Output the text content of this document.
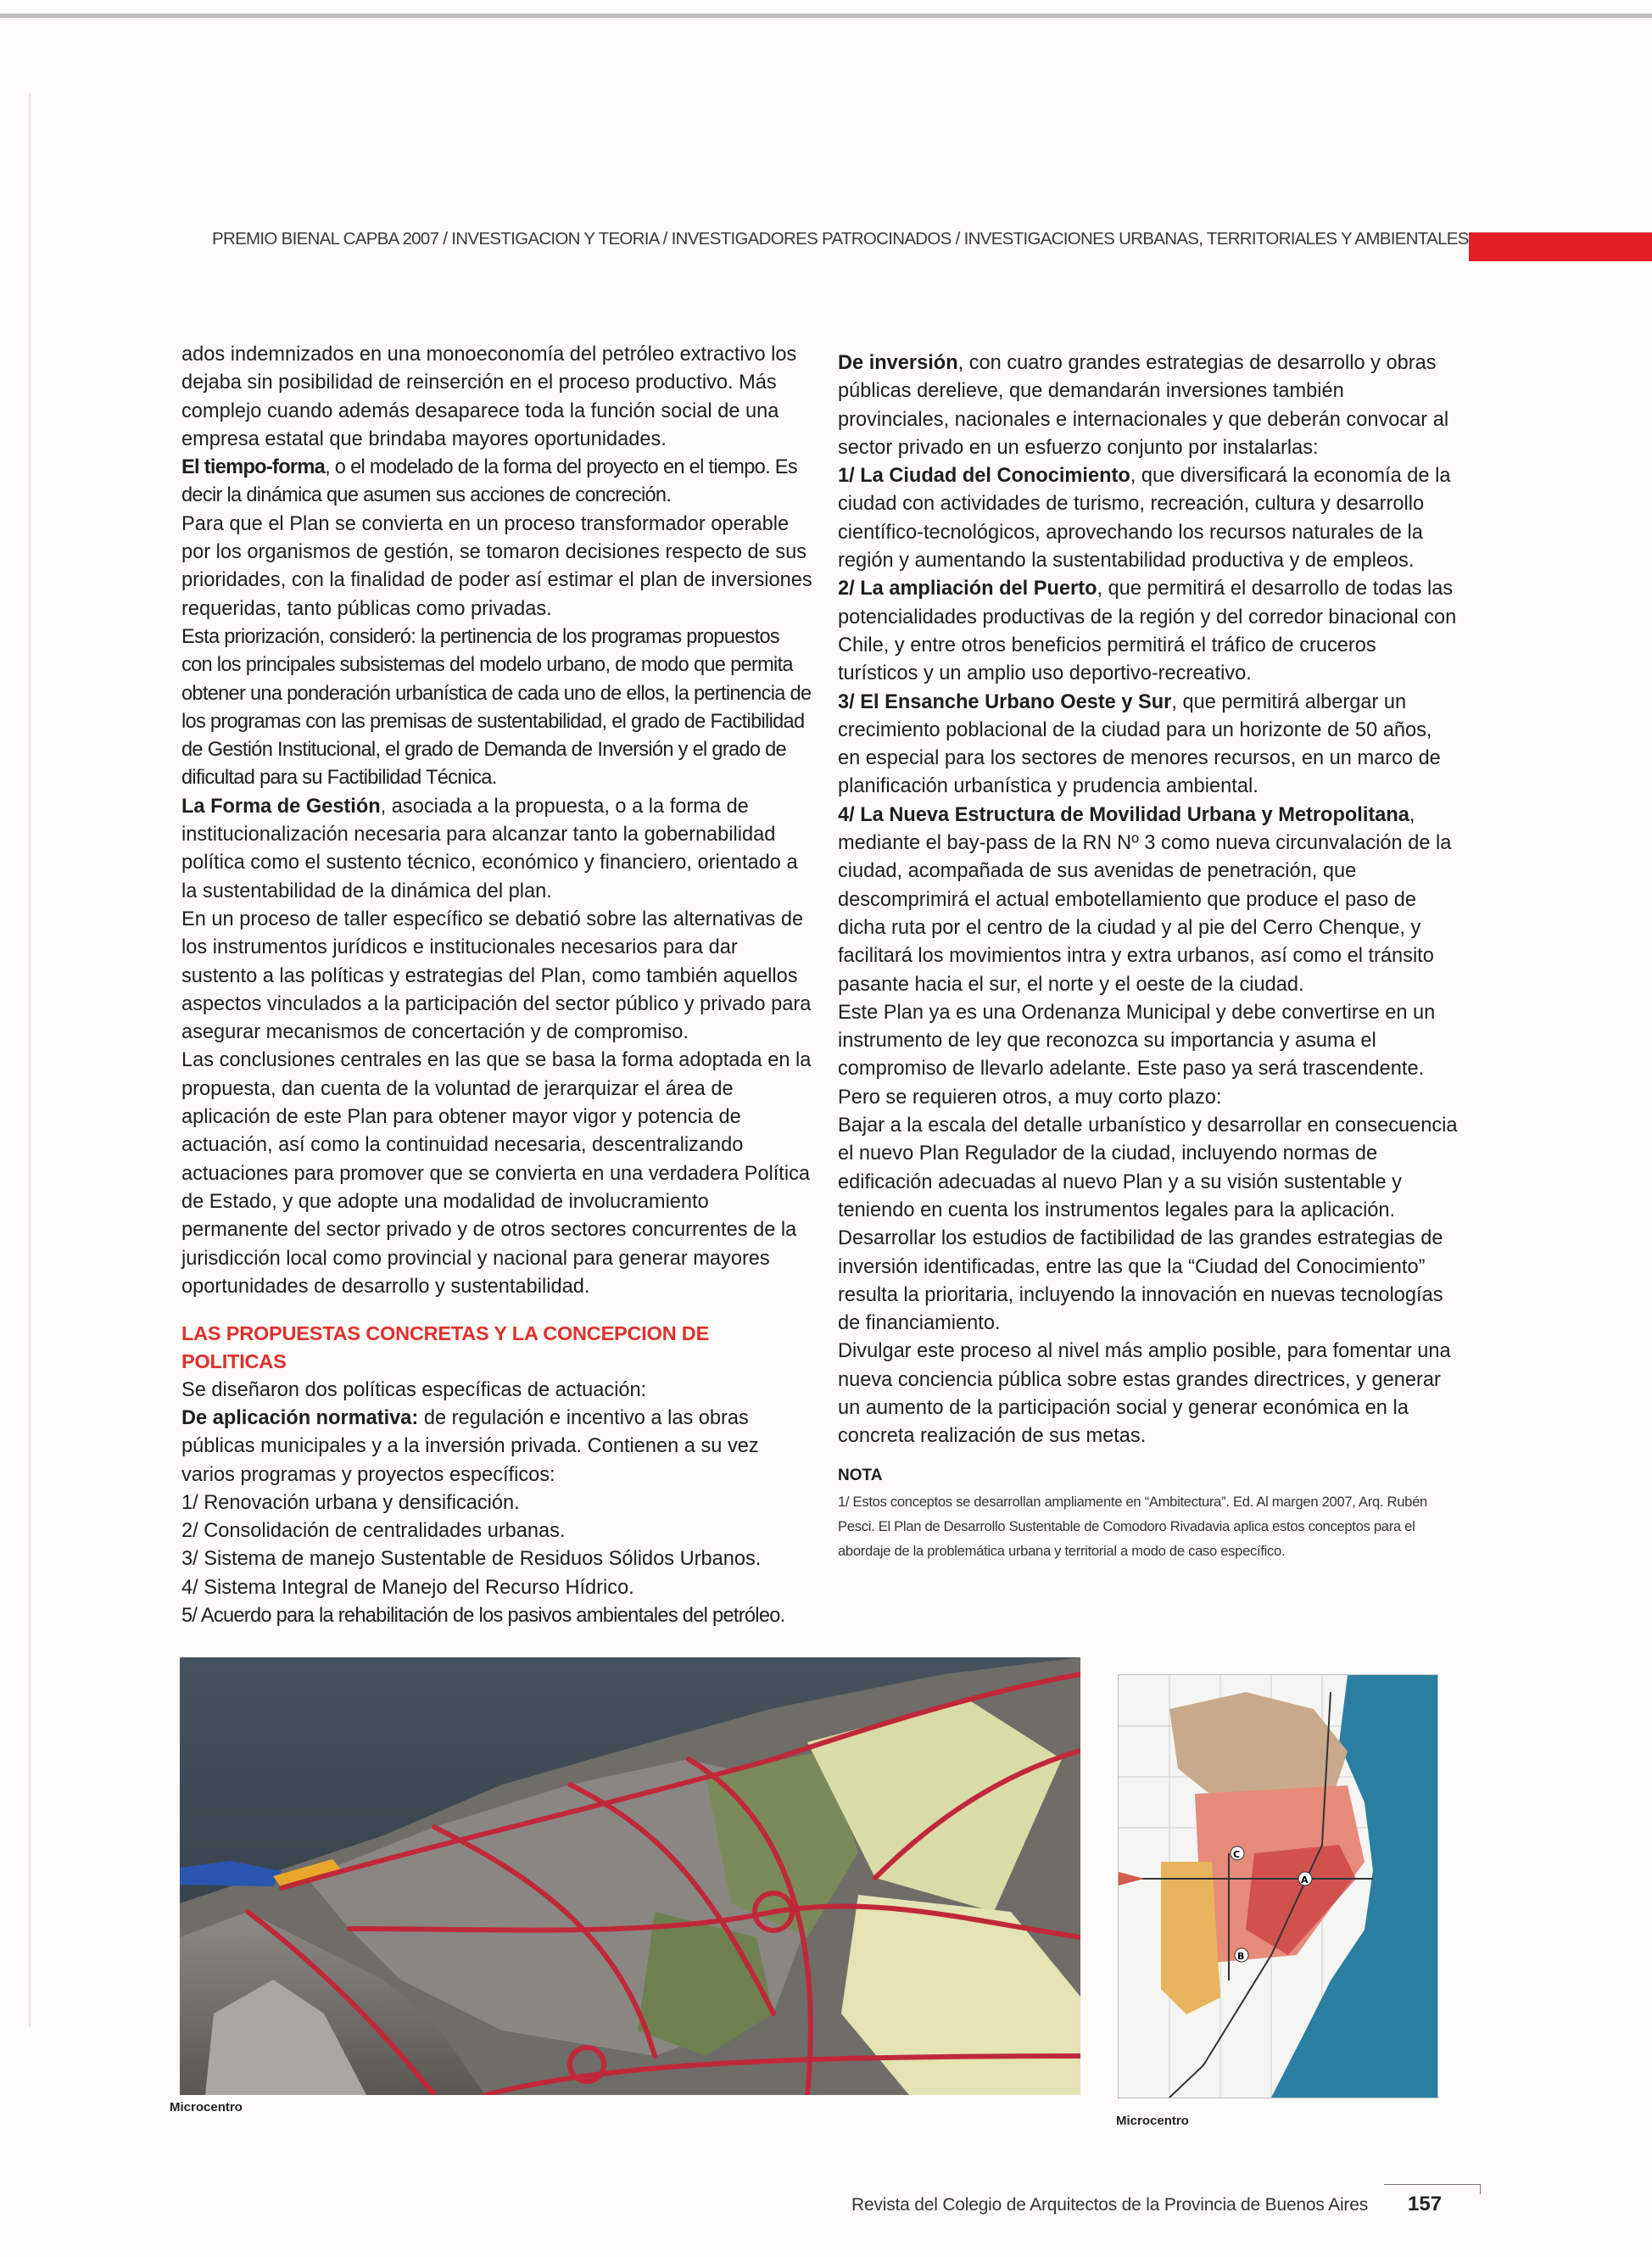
PREMIO BIENAL CAPBA 2007 / INVESTIGACION Y TEORIA / INVESTIGADORES PATROCINADOS / INVESTIGACIONES URBANAS, TERRITORIALES Y AMBIENTALES

ados indemnizados en una monoeconomía del petróleo extractivo los dejaba sin posibilidad de reinserción en el proceso productivo. Más complejo cuando además desaparece toda la función social de una empresa estatal que brindaba mayores oportunidades.

El tiempo-forma, o el modelado de la forma del proyecto en el tiempo. Es decir la dinámica que asumen sus acciones de concreción.

Para que el Plan se convierta en un proceso transformador operable por los organismos de gestión, se tomaron decisiones respecto de sus prioridades, con la finalidad de poder así estimar el plan de inversiones requeridas, tanto públicas como privadas.

Esta priorización, consideró: la pertinencia de los programas propuestos con los principales subsistemas del modelo urbano, de modo que permita obtener una ponderación urbanística de cada uno de ellos, la pertinencia de los programas con las premisas de sustentabilidad, el grado de Factibilidad de Gestión Institucional, el grado de Demanda de Inversión y el grado de dificultad para su Factibilidad Técnica.

La Forma de Gestión, asociada a la propuesta, o a la forma de institucionalización necesaria para alcanzar tanto la gobernabilidad política como el sustento técnico, económico y financiero, orientado a la sustentabilidad de la dinámica del plan.

En un proceso de taller específico se debatió sobre las alternativas de los instrumentos jurídicos e institucionales necesarios para dar sustento a las políticas y estrategias del Plan, como también aquellos aspectos vinculados a la participación del sector público y privado para asegurar mecanismos de concertación y de compromiso.

Las conclusiones centrales en las que se basa la forma adoptada en la propuesta, dan cuenta de la voluntad de jerarquizar el área de aplicación de este Plan para obtener mayor vigor y potencia de actuación, así como la continuidad necesaria, descentralizando actuaciones para promover que se convierta en una verdadera Política de Estado, y que adopte una modalidad de involucramiento permanente del sector privado y de otros sectores concurrentes de la jurisdicción local como provincial y nacional para generar mayores oportunidades de desarrollo y sustentabilidad.

LAS PROPUESTAS CONCRETAS Y LA CONCEPCION DE POLITICAS

Se diseñaron dos políticas específicas de actuación:

De aplicación normativa: de regulación e incentivo a las obras públicas municipales y a la inversión privada. Contienen a su vez varios programas y proyectos específicos:

1/ Renovación urbana y densificación.

2/ Consolidación de centralidades urbanas.

3/ Sistema de manejo Sustentable de Residuos Sólidos Urbanos.

4/ Sistema Integral de Manejo del Recurso Hídrico.

5/ Acuerdo para la rehabilitación de los pasivos ambientales del petróleo.

De inversión, con cuatro grandes estrategias de desarrollo y obras públicas derelieve, que demandarán inversiones también provinciales, nacionales e internacionales y que deberán convocar al sector privado en un esfuerzo conjunto por instalarlas:

1/ La Ciudad del Conocimiento, que diversificará la economía de la ciudad con actividades de turismo, recreación, cultura y desarrollo científico-tecnológicos, aprovechando los recursos naturales de la región y aumentando la sustentabilidad productiva y de empleos.

2/ La ampliación del Puerto, que permitirá el desarrollo de todas las potencialidades productivas de la región y del corredor binacional con Chile, y entre otros beneficios permitirá el tráfico de cruceros turísticos y un amplio uso deportivo-recreativo.

3/ El Ensanche Urbano Oeste y Sur, que permitirá albergar un crecimiento poblacional de la ciudad para un horizonte de 50 años, en especial para los sectores de menores recursos, en un marco de planificación urbanística y prudencia ambiental.

4/ La Nueva Estructura de Movilidad Urbana y Metropolitana, mediante el bay-pass de la RN Nº 3 como nueva circunvalación de la ciudad, acompañada de sus avenidas de penetración, que descomprimirá el actual embotellamiento que produce el paso de dicha ruta por el centro de la ciudad y al pie del Cerro Chenque, y facilitará los movimientos intra y extra urbanos, así como el tránsito pasante hacia el sur, el norte y el oeste de la ciudad.

Este Plan ya es una Ordenanza Municipal y debe convertirse en un instrumento de ley que reconozca su importancia y asuma el compromiso de llevarlo adelante. Este paso ya será trascendente. Pero se requieren otros, a muy corto plazo:

Bajar a la escala del detalle urbanístico y desarrollar en consecuencia el nuevo Plan Regulador de la ciudad, incluyendo normas de edificación adecuadas al nuevo Plan y a su visión sustentable y teniendo en cuenta los instrumentos legales para la aplicación.

Desarrollar los estudios de factibilidad de las grandes estrategias de inversión identificadas, entre las que la “Ciudad del Conocimiento” resulta la prioritaria, incluyendo la innovación en nuevas tecnologías de financiamiento.

Divulgar este proceso al nivel más amplio posible, para fomentar una nueva conciencia pública sobre estas grandes directrices, y generar un aumento de la participación social y generar económica en la concreta realización de sus metas.

NOTA

1/ Estos conceptos se desarrollan ampliamente en “Ambitectura”. Ed. Al margen 2007, Arq. Rubén Pesci. El Plan de Desarrollo Sustentable de Comodoro Rivadavia aplica estos conceptos para el abordaje de la problemática urbana y territorial a modo de caso específico.

Microcentro
A
B
C
Microcentro
Revista del Colegio de Arquitectos de la Provincia de Buenos Aires 157
